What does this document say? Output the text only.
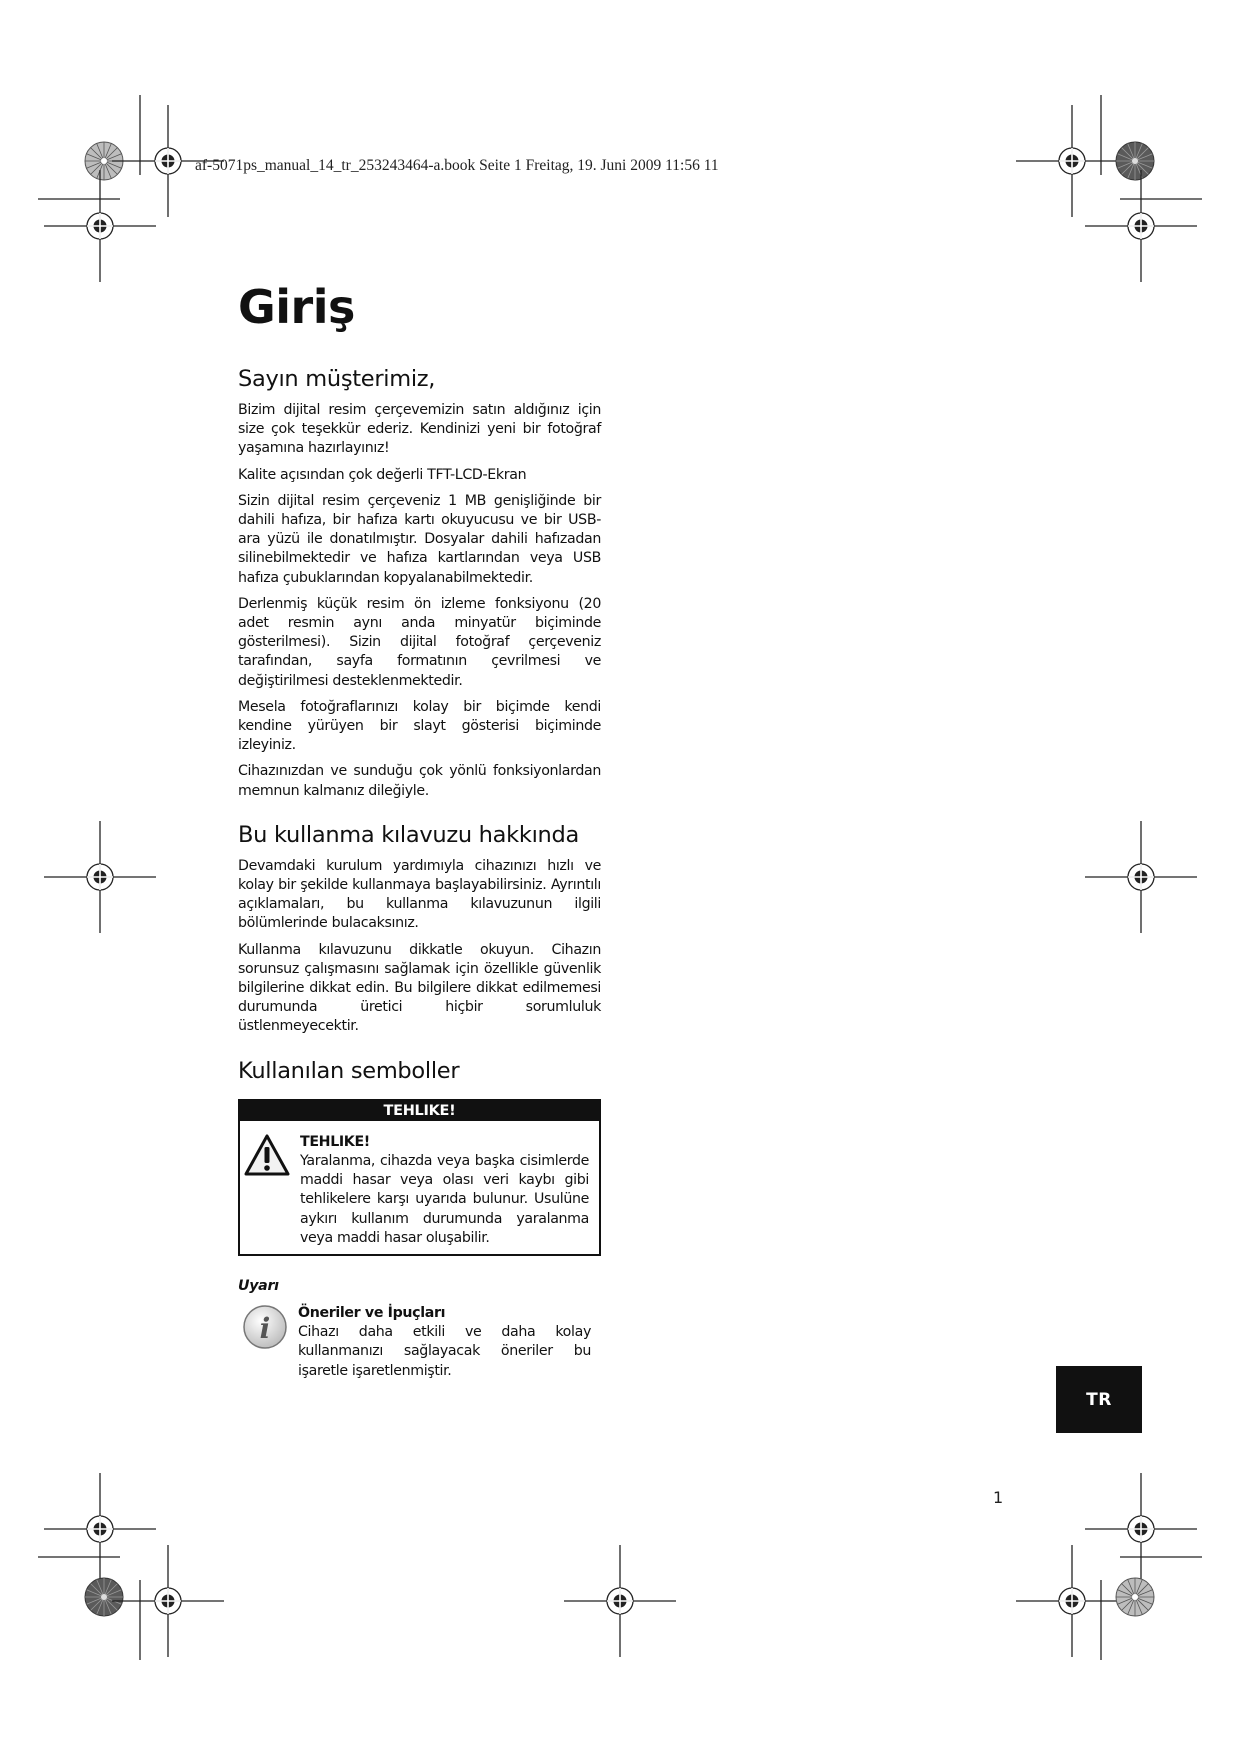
af-5071ps_manual_14_tr_253243464-a.book Seite 1 Freitag, 19. Juni 2009 11:56 11
Giriş
Sayın müşterimiz,

Bizim dijital resim çerçevemizin satın aldığınız için size çok teşekkür ederiz. Kendinizi yeni bir fotoğraf yaşamına hazırlayınız!

Kalite açısından çok değerli TFT-LCD-Ekran

Sizin dijital resim çerçeveniz 1 MB genişliğinde bir dahili hafıza, bir hafıza kartı okuyucusu ve bir USB-ara yüzü ile donatılmıştır. Dosyalar dahili hafızadan silinebilmektedir ve hafıza kartlarından veya USB hafıza çubuklarından kopyalanabilmektedir.

Derlenmiş küçük resim ön izleme fonksiyonu (20 adet resmin aynı anda minyatür biçiminde gösterilmesi). Sizin dijital fotoğraf çerçeveniz tarafından, sayfa formatının çevrilmesi ve değiştirilmesi desteklenmektedir.

Mesela fotoğraflarınızı kolay bir biçimde kendi kendine yürüyen bir slayt gösterisi biçiminde izleyiniz.

Cihazınızdan ve sunduğu çok yönlü fonksiyonlardan memnun kalmanız dileğiyle.

Bu kullanma kılavuzu hakkında

Devamdaki kurulum yardımıyla cihazınızı hızlı ve kolay bir şekilde kullanmaya başlayabilirsiniz. Ayrıntılı açıklamaları, bu kullanma kılavuzunun ilgili bölümlerinde bulacaksınız.

Kullanma kılavuzunu dikkatle okuyun. Cihazın sorunsuz çalışmasını sağlamak için özellikle güvenlik bilgilerine dikkat edin. Bu bilgilere dikkat edilmemesi durumunda üretici hiçbir sorumluluk üstlenmeyecektir.

Kullanılan semboller
TEHLIKE!
TEHLIKE!

Yaralanma, cihazda veya başka cisimlerde maddi hasar veya olası veri kaybı gibi tehlikelere karşı uyarıda bulunur. Usulüne aykırı kullanım durumunda yaralanma veya maddi hasar oluşabilir.

Uyarı
i Öneriler ve İpuçları

Cihazı daha etkili ve daha kolay kullanmanızı sağlayacak öneriler bu işaretle işaretlenmiştir.

TR
1
